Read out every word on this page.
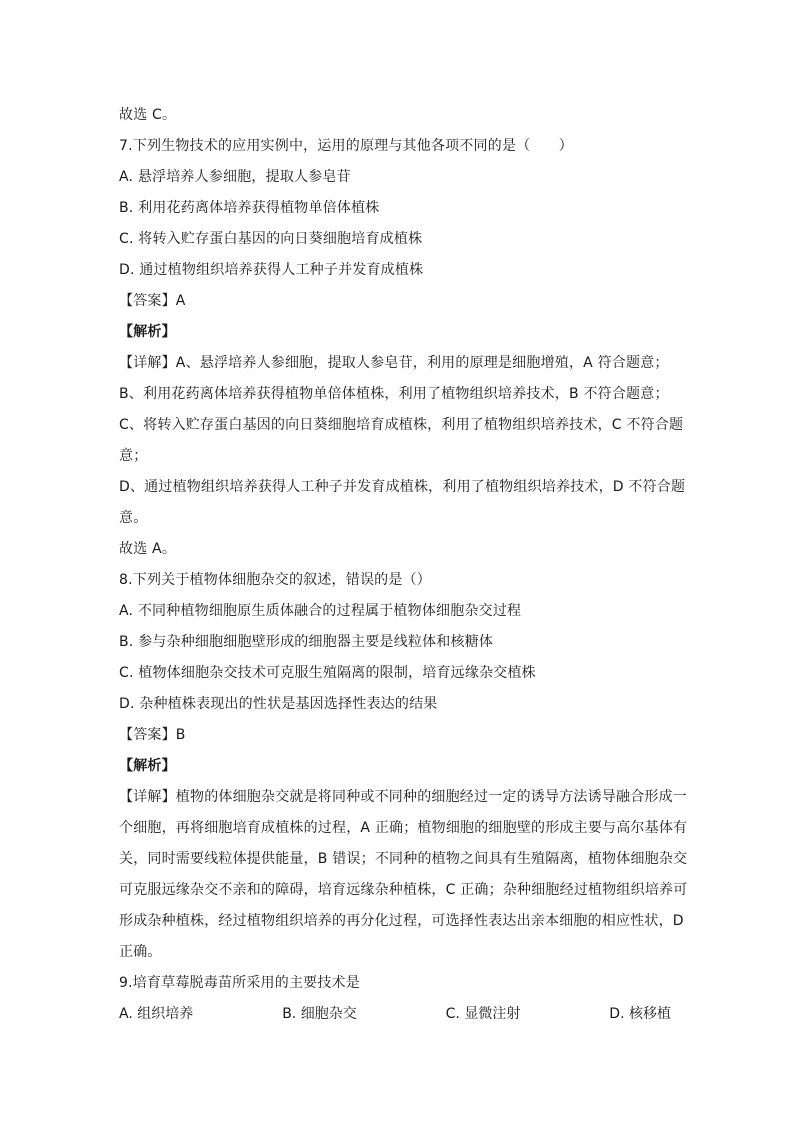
故选 C。
7.下列生物技术的应用实例中，运用的原理与其他各项不同的是（　　）
A. 悬浮培养人参细胞，提取人参皂苷
B. 利用花药离体培养获得植物单倍体植株
C. 将转入贮存蛋白基因的向日葵细胞培育成植株
D. 通过植物组织培养获得人工种子并发育成植株
【答案】A
【解析】
【详解】A、悬浮培养人参细胞，提取人参皂苷，利用的原理是细胞增殖，A 符合题意；
B、利用花药离体培养获得植物单倍体植株，利用了植物组织培养技术，B 不符合题意；
C、将转入贮存蛋白基因的向日葵细胞培育成植株，利用了植物组织培养技术，C 不符合题
意；
D、通过植物组织培养获得人工种子并发育成植株，利用了植物组织培养技术，D 不符合题
意。
故选 A。
8.下列关于植物体细胞杂交的叙述，错误的是（）
A. 不同种植物细胞原生质体融合的过程属于植物体细胞杂交过程
B. 参与杂种细胞细胞壁形成的细胞器主要是线粒体和核糖体
C. 植物体细胞杂交技术可克服生殖隔离的限制，培育远缘杂交植株
D. 杂种植株表现出的性状是基因选择性表达的结果
【答案】B
【解析】
【详解】植物的体细胞杂交就是将同种或不同种的细胞经过一定的诱导方法诱导融合形成一
个细胞，再将细胞培育成植株的过程，A 正确；植物细胞的细胞壁的形成主要与高尔基体有
关，同时需要线粒体提供能量，B 错误；不同种的植物之间具有生殖隔离，植物体细胞杂交
可克服远缘杂交不亲和的障碍，培育远缘杂种植株，C 正确；杂种细胞经过植物组织培养可
形成杂种植株，经过植物组织培养的再分化过程，可选择性表达出亲本细胞的相应性状，D
正确。
9.培育草莓脱毒苗所采用的主要技术是
A. 组织培养	B. 细胞杂交	C. 显微注射	D. 核移植
